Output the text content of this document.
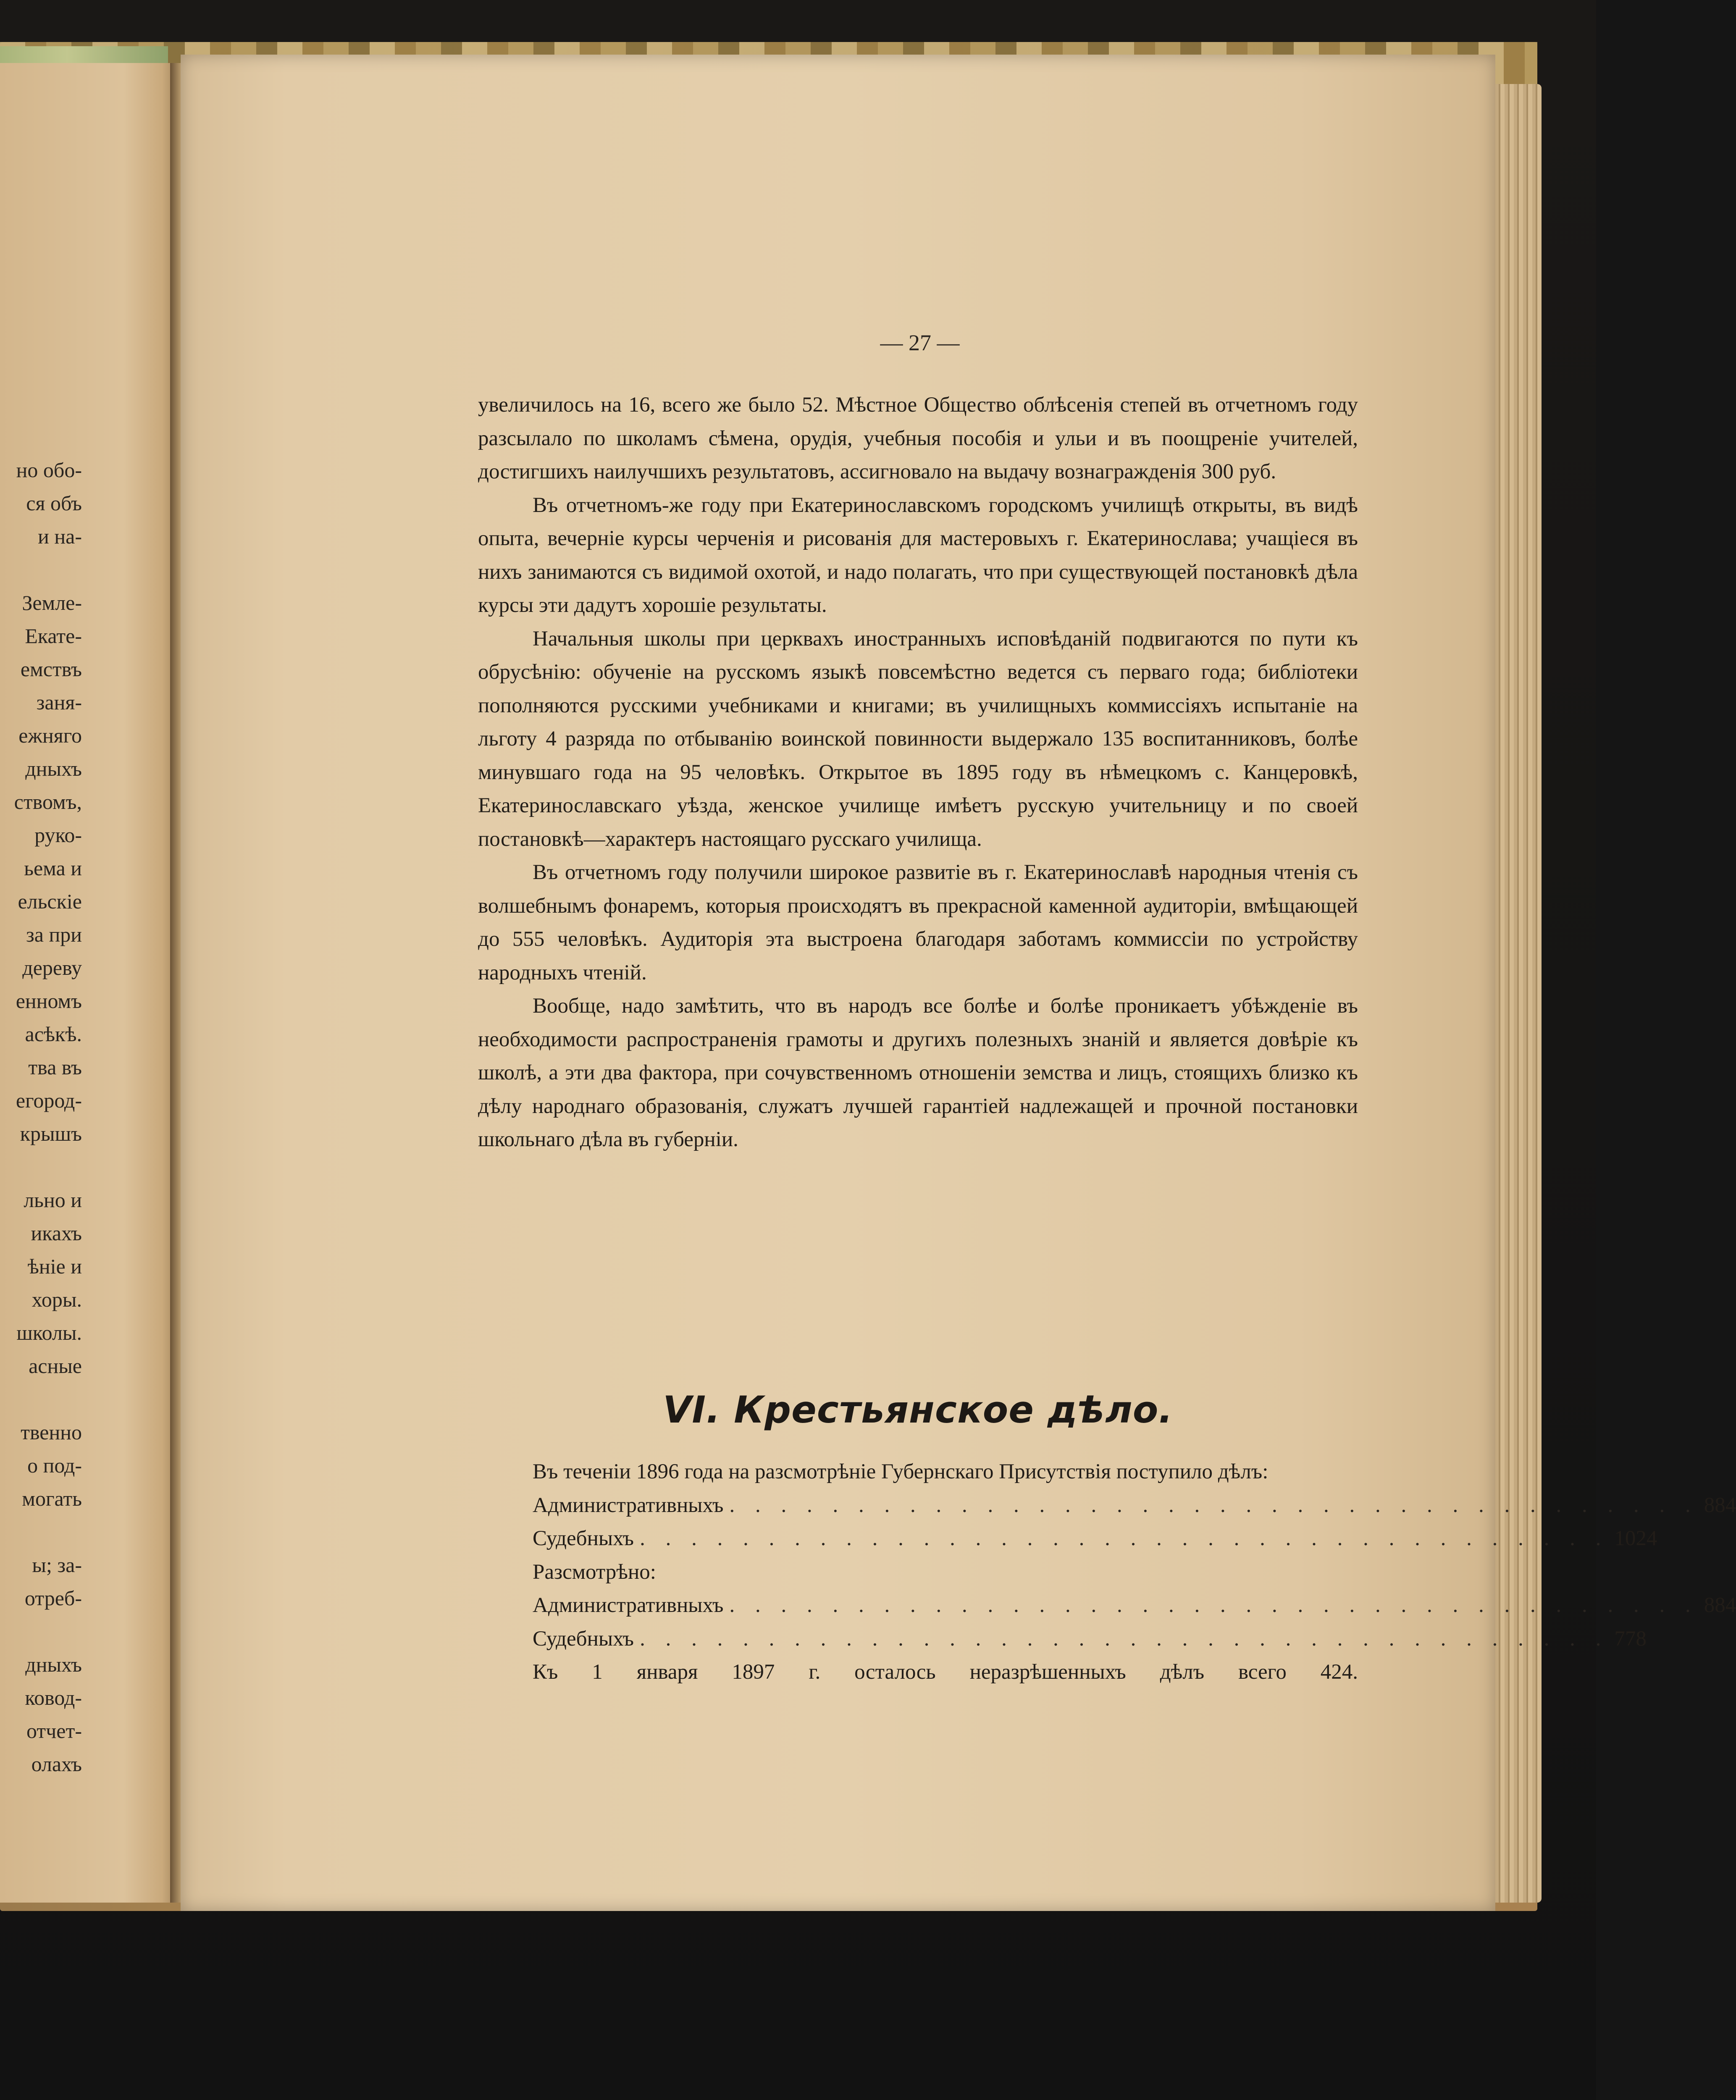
но обо-
ся объ
и на-
Земле-
Екате-
емствъ
заня-
ежняго
дныхъ
ствомъ,
руко-
ьема и
ельскіе
за при
дереву
енномъ
асѣкѣ.
тва въ
егород-
крышъ
льно и
икахъ
ѣніе и
хоры.
школы.
асные
твенно
о под-
могать
ы; за-
отреб-
дныхъ
ковод-
отчет-
олахъ
— 27 —

увеличилось на 16, всего же было 52. Мѣстное Общество облѣсенія степей въ отчетномъ году разсылало по школамъ сѣмена, орудія, учебныя пособія и ульи и въ поощреніе учителей, достигшихъ наилучшихъ результатовъ, ассигновало на выдачу вознагражденія 300 руб.

Въ отчетномъ-же году при Екатеринославскомъ городскомъ училищѣ открыты, въ видѣ опыта, вечерніе курсы черченія и рисованія для мастеровыхъ г. Екатеринослава; учащіеся въ нихъ занимаются съ видимой охотой, и надо полагать, что при существующей постановкѣ дѣла курсы эти дадутъ хорошіе результаты.

Начальныя школы при церквахъ иностранныхъ исповѣданій подвигаются по пути къ обрусѣнію: обученіе на русскомъ языкѣ повсемѣстно ведется съ перваго года; библіотеки пополняются русскими учебниками и книгами; въ училищныхъ коммиссіяхъ испытаніе на льготу 4 разряда по отбыванію воинской повинности выдержало 135 воспитанниковъ, болѣе минувшаго года на 95 человѣкъ. Открытое въ 1895 году въ нѣмецкомъ с. Канцеровкѣ, Екатеринославскаго уѣзда, женское училище имѣетъ русскую учительницу и по своей постановкѣ—характеръ настоящаго русскаго училища.

Въ отчетномъ году получили широкое развитіе въ г. Екатеринославѣ народныя чтенія съ волшебнымъ фонаремъ, которыя происходятъ въ прекрасной каменной аудиторіи, вмѣщающей до 555 человѣкъ. Аудиторія эта выстроена благодаря заботамъ коммиссіи по устройству народныхъ чтеній.

Вообще, надо замѣтить, что въ народъ все болѣе и болѣе проникаетъ убѣжденіе въ необходимости распространенія грамоты и другихъ полезныхъ знаній и является довѣріе къ школѣ, а эти два фактора, при сочувственномъ отношеніи земства и лицъ, стоящихъ близко къ дѣлу народнаго образованія, служатъ лучшей гарантіей надлежащей и прочной постановки школьнаго дѣла въ губерніи.

VI. Крестьянское дѣло.

Въ теченіи 1896 года на разсмотрѣніе Губернскаго Присутствія поступило дѣлъ:

Административныхъ . . . . . . . . . . . . . . . . . . . . . . . . . . . . . . . . . . . . . . 884
Судебныхъ . . . . . . . . . . . . . . . . . . . . . . . . . . . . . . . . . . . . . . 1024
Разсмотрѣно:
Административныхъ . . . . . . . . . . . . . . . . . . . . . . . . . . . . . . . . . . . . . . 884
Судебныхъ . . . . . . . . . . . . . . . . . . . . . . . . . . . . . . . . . . . . . . 778

Къ 1 января 1897 г. осталось неразрѣшенныхъ дѣлъ всего 424.
